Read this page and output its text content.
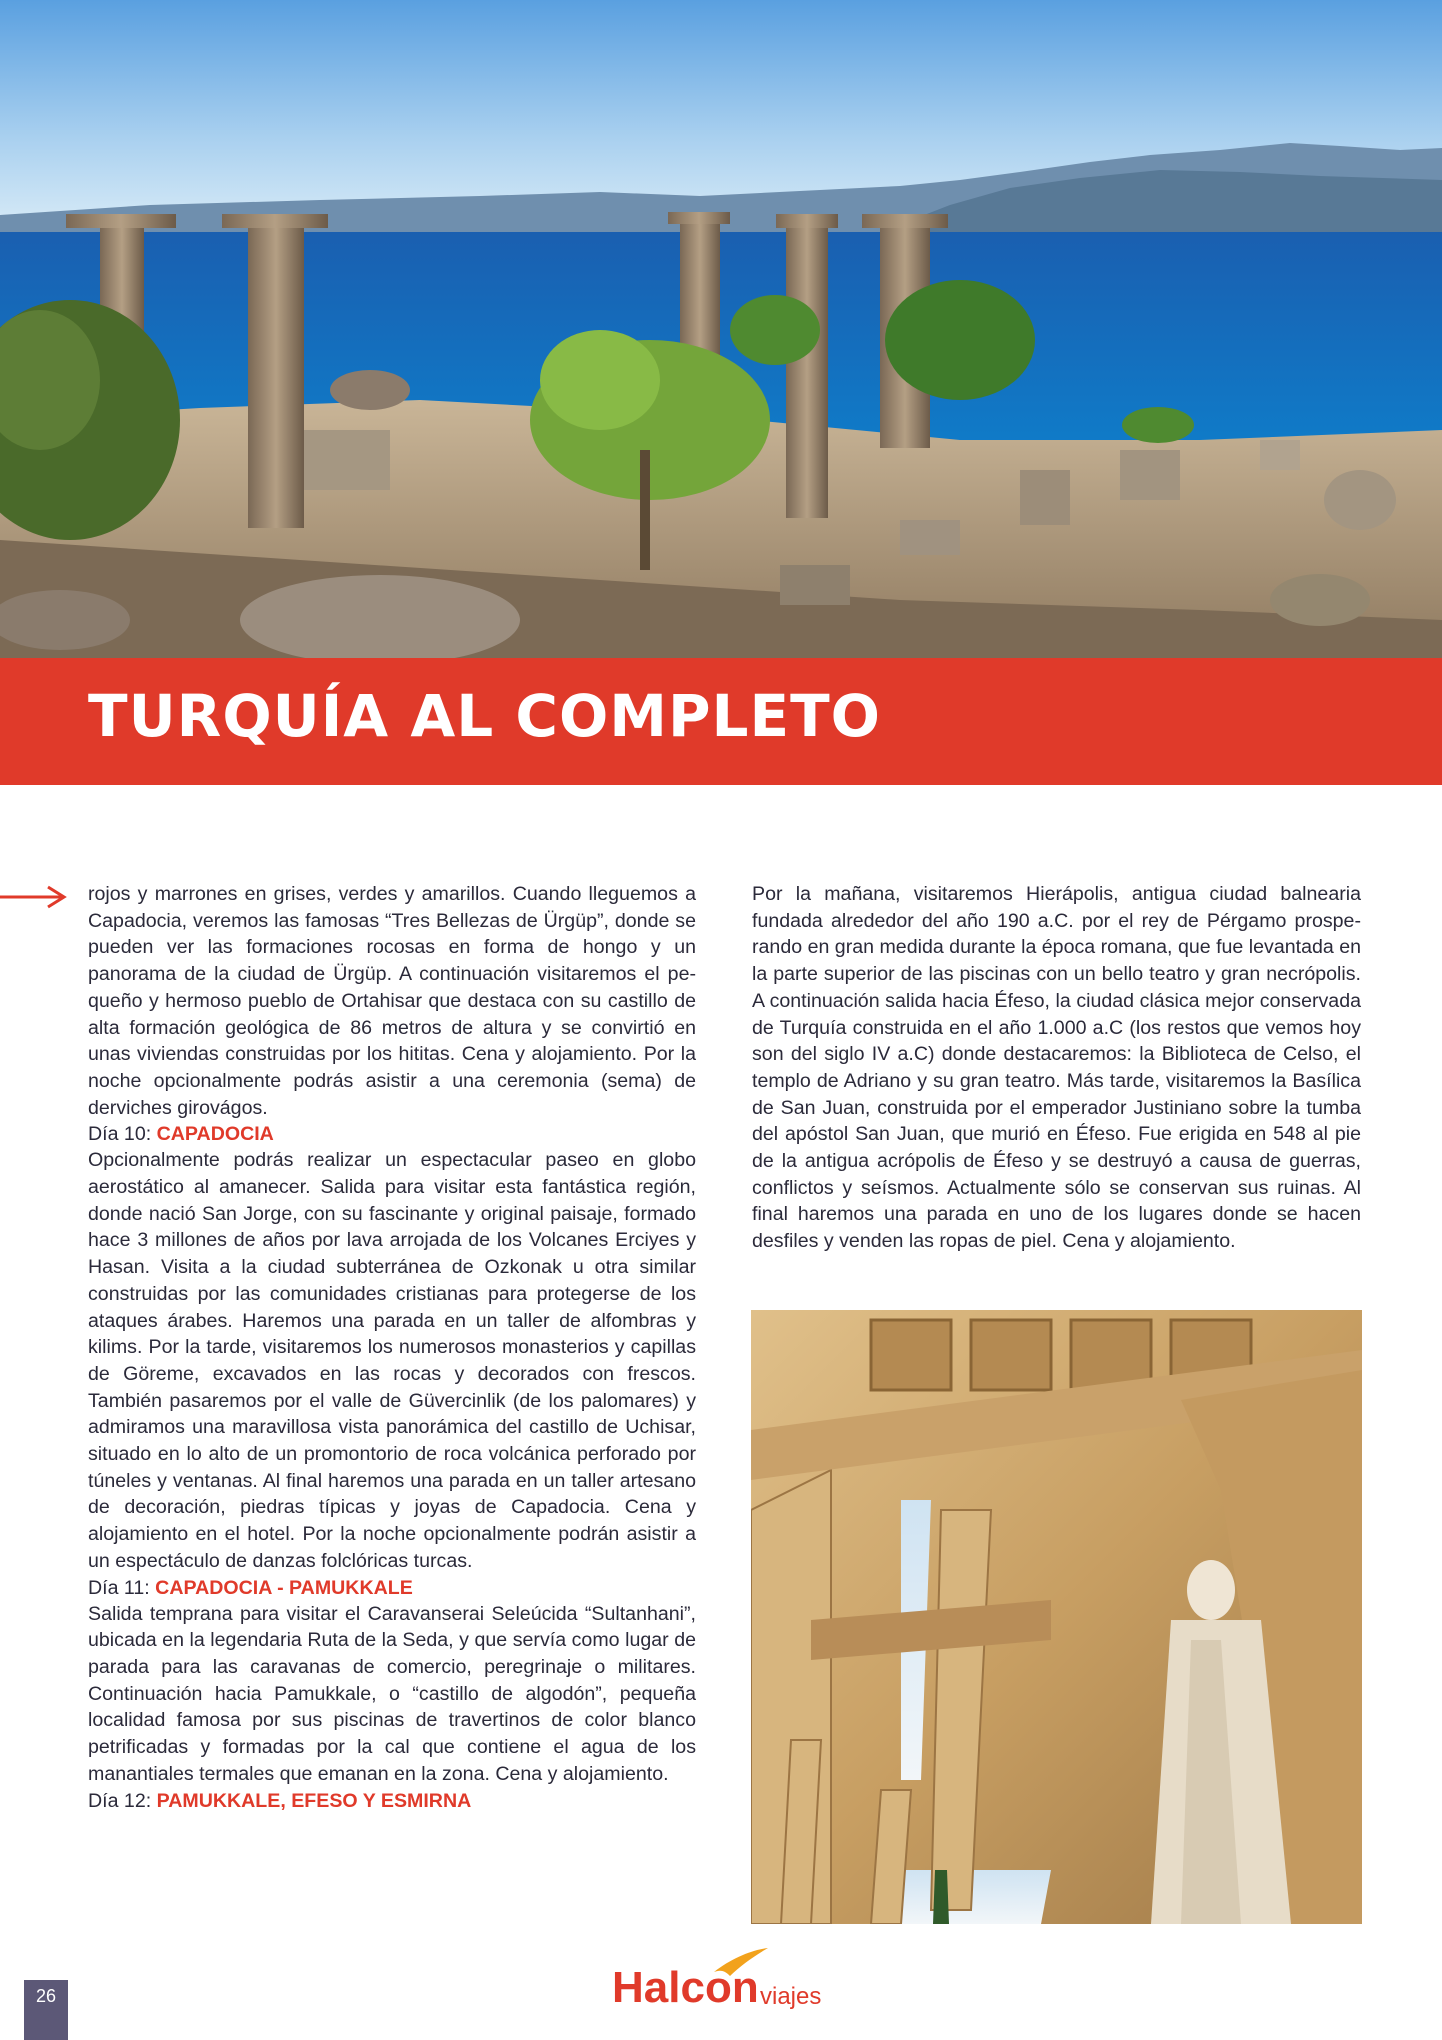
TURQUÍA AL COMPLETO

rojos y marrones en grises, verdes y amarillos. Cuando lleguemos a Capadocia, veremos las famosas “Tres Bellezas de Ürgüp”, donde se pueden ver las formaciones rocosas en forma de hongo y un panorama de la ciudad de Ürgüp. A continuación visitaremos el pequeño y hermoso pueblo de Ortahisar que destaca con su castillo de alta formación geológica de 86 metros de altura y se convirtió en unas viviendas construidas por los hititas. Cena y alojamiento. Por la noche opcionalmente podrás asistir a una ceremonia (sema) de derviches girovágos.

Día 10: CAPADOCIA

Opcionalmente podrás realizar un espectacular paseo en globo aerostático al amanecer. Salida para visitar esta fantástica región, donde nació San Jorge, con su fascinante y original paisaje, formado hace 3 millones de años por lava arrojada de los Volcanes Erciyes y Hasan. Visita a la ciudad subterránea de Ozkonak u otra similar construidas por las comunidades cristianas para protegerse de los ataques árabes. Haremos una parada en un taller de alfombras y kilims. Por la tarde, visitaremos los numerosos monasterios y capillas de Göreme, excavados en las rocas y decorados con frescos. También pasaremos por el valle de Güvercinlik (de los palomares) y admiramos una maravillosa vista panorámica del castillo de Uchisar, situado en lo alto de un promontorio de roca volcánica perforado por túneles y ventanas. Al final haremos una parada en un taller artesano de decoración, piedras típicas y joyas de Capadocia. Cena y alojamiento en el hotel. Por la noche opcionalmente podrán asistir a un espectáculo de danzas folclóricas turcas.

Día 11: CAPADOCIA - PAMUKKALE

Salida temprana para visitar el Caravanserai Seleúcida “Sultanhani”, ubicada en la legendaria Ruta de la Seda, y que servía como lugar de parada para las caravanas de comercio, peregrinaje o militares. Continuación hacia Pamukkale, o “castillo de algodón”, pequeña localidad famosa por sus piscinas de travertinos de color blanco petrificadas y formadas por la cal que contiene el agua de los manantiales termales que emanan en la zona. Cena y alojamiento.

Día 12: PAMUKKALE, EFESO Y ESMIRNA

Por la mañana, visitaremos Hierápolis, antigua ciudad balnearia fundada alrededor del año 190 a.C. por el rey de Pérgamo prosperando en gran medida durante la época romana, que fue levantada en la parte superior de las piscinas con un bello teatro y gran necrópolis. A continuación salida hacia Éfeso, la ciudad clásica mejor conservada de Turquía construida en el año 1.000 a.C (los restos que vemos hoy son del siglo IV a.C) donde destacaremos: la Biblioteca de Celso, el templo de Adriano y su gran teatro. Más tarde, visitaremos la Basílica de San Juan, construida por el emperador Justiniano sobre la tumba del apóstol San Juan, que murió en Éfeso. Fue erigida en 548 al pie de la antigua acrópolis de Éfeso y se destruyó a causa de guerras, conflictos y seísmos. Actualmente sólo se conservan sus ruinas. Al final haremos una parada en uno de los lugares donde se hacen desfiles y venden las ropas de piel. Cena y alojamiento.

26	Halcon viajes
